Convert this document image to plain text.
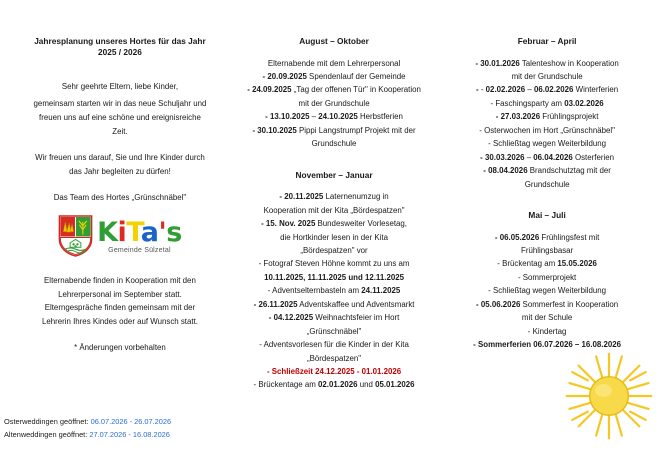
Jahresplanung unseres Hortes für das Jahr
2025 / 2026
Sehr geehrte Eltern, liebe Kinder,
gemeinsam starten wir in das neue Schuljahr und
freuen uns auf eine schöne und ereignisreiche
Zeit.
Wir freuen uns darauf, Sie und Ihre Kinder durch
das Jahr begleiten zu dürfen!
Das Team des Hortes „Grünschnäbel"
KiTa's
Gemeinde Sülzetal
Elternabende finden in Kooperation mit den
Lehrerpersonal im September statt.
Elterngespräche finden gemeinsam mit der
Lehrerin Ihres Kindes oder auf Wunsch statt.
* Änderungen vorbehalten
August – Oktober
Elternabende mit dem Lehrerpersonal
- 20.09.2025 Spendenlauf der Gemeinde
- 24.09.2025 „Tag der offenen Tür" in Kooperation
mit der Grundschule
- 13.10.2025 – 24.10.2025 Herbstferien
- 30.10.2025 Pippi Langstrumpf Projekt mit der
Grundschule
November – Januar
- 20.11.2025 Laternenumzug in
Kooperation mit der Kita „Bördespatzen"
- 15. Nov. 2025 Bundesweiter Vorlesetag,
die Hortkinder lesen in der Kita
„Bördespatzen" vor
- Fotograf Steven Höhne kommt zu uns am
10.11.2025, 11.11.2025 und 12.11.2025
- Adventselternbasteln am 24.11.2025
- 26.11.2025 Adventskaffee und Adventsmarkt
- 04.12.2025 Weihnachtsfeier im Hort
„Grünschnäbel"
- Adventsvorlesen für die Kinder in der Kita
„Bördespatzen"
- Schließzeit 24.12.2025 - 01.01.2026
- Brückentage am 02.01.2026 und 05.01.2026
Februar – April
- 30.01.2026 Talenteshow in Kooperation
mit der Grundschule
- - 02.02.2026 – 06.02.2026 Winterferien
- Faschingsparty am 03.02.2026
- 27.03.2026 Frühlingsprojekt
- Osterwochen im Hort „Grünschnäbel"
- Schließtag wegen Weiterbildung
- 30.03.2026 – 06.04.2026 Osterferien
- 08.04.2026 Brandschutztag mit der
Grundschule
Mai – Juli
- 06.05.2026 Frühlingsfest mit
Frühlingsbasar
- Brückentag am 15.05.2026
- Sommerprojekt
- Schließtag wegen Weiterbildung
- 05.06.2026 Sommerfest in Kooperation
mit der Schule
- Kindertag
- Sommerferien 06.07.2026 – 16.08.2026
Osterweddingen geöffnet: 06.07.2026 - 26.07.2026
Altenweddingen geöffnet: 27.07.2026 - 16.08.2026
